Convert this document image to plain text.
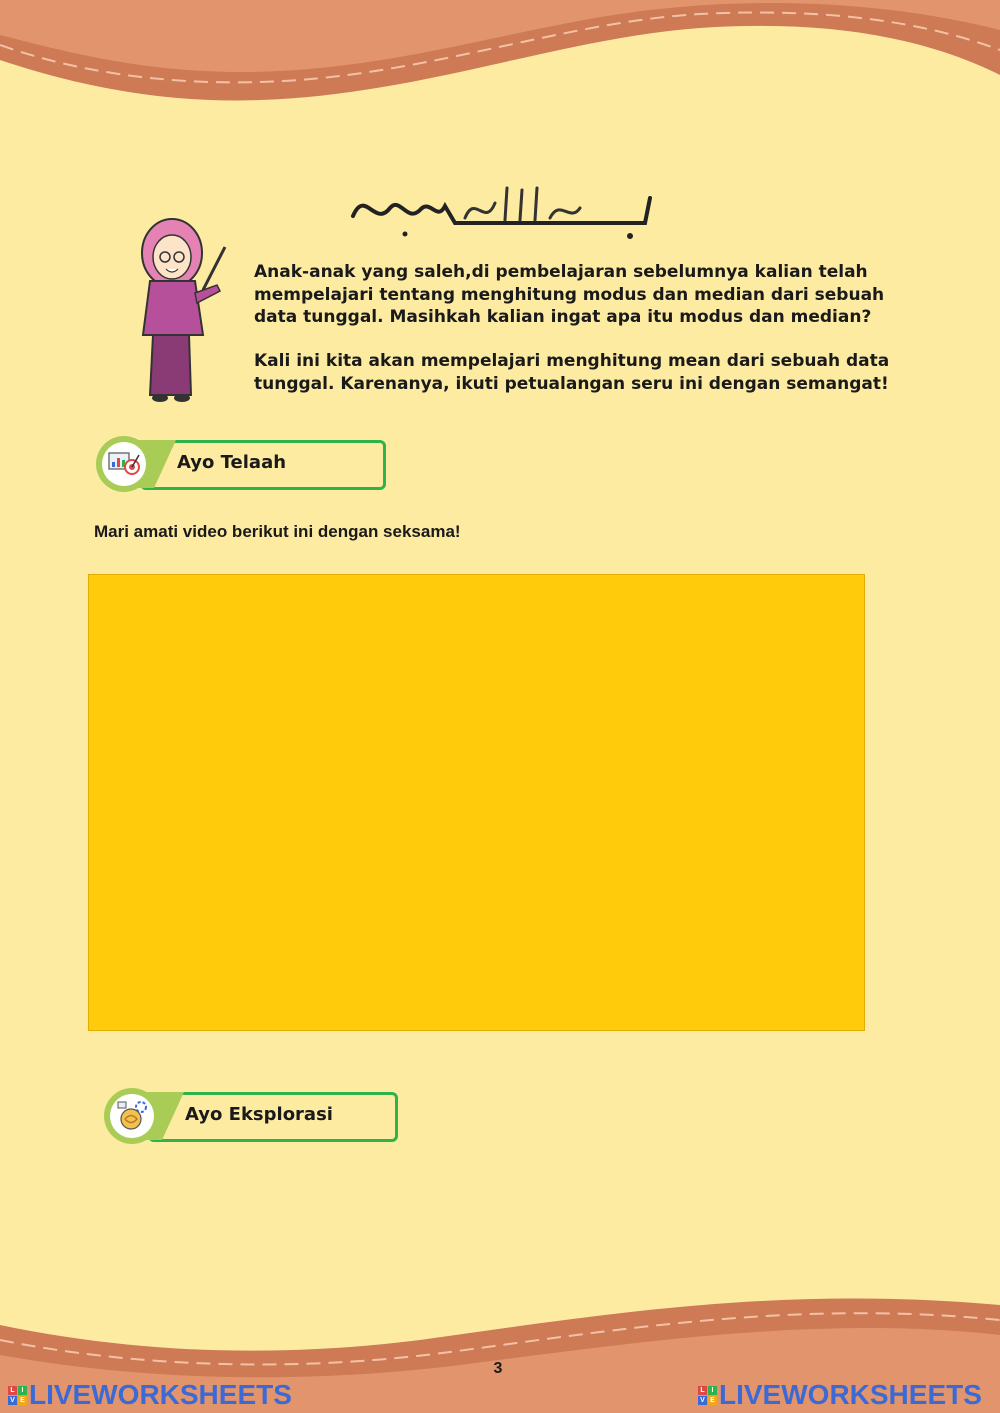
Anak-anak yang saleh,di pembelajaran sebelumnya kalian telah
mempelajari tentang menghitung modus dan median dari sebuah
data tunggal. Masihkah kalian ingat apa itu modus dan median?

Kali ini kita akan mempelajari menghitung mean dari sebuah data
tunggal. Karenanya, ikuti petualangan seru ini dengan semangat!

Ayo Telaah
Mari amati video berikut ini dengan seksama!
Ayo Eksplorasi
3
L I
V E LIVEWORKSHEETS	L I
V E LIVEWORKSHEETS
